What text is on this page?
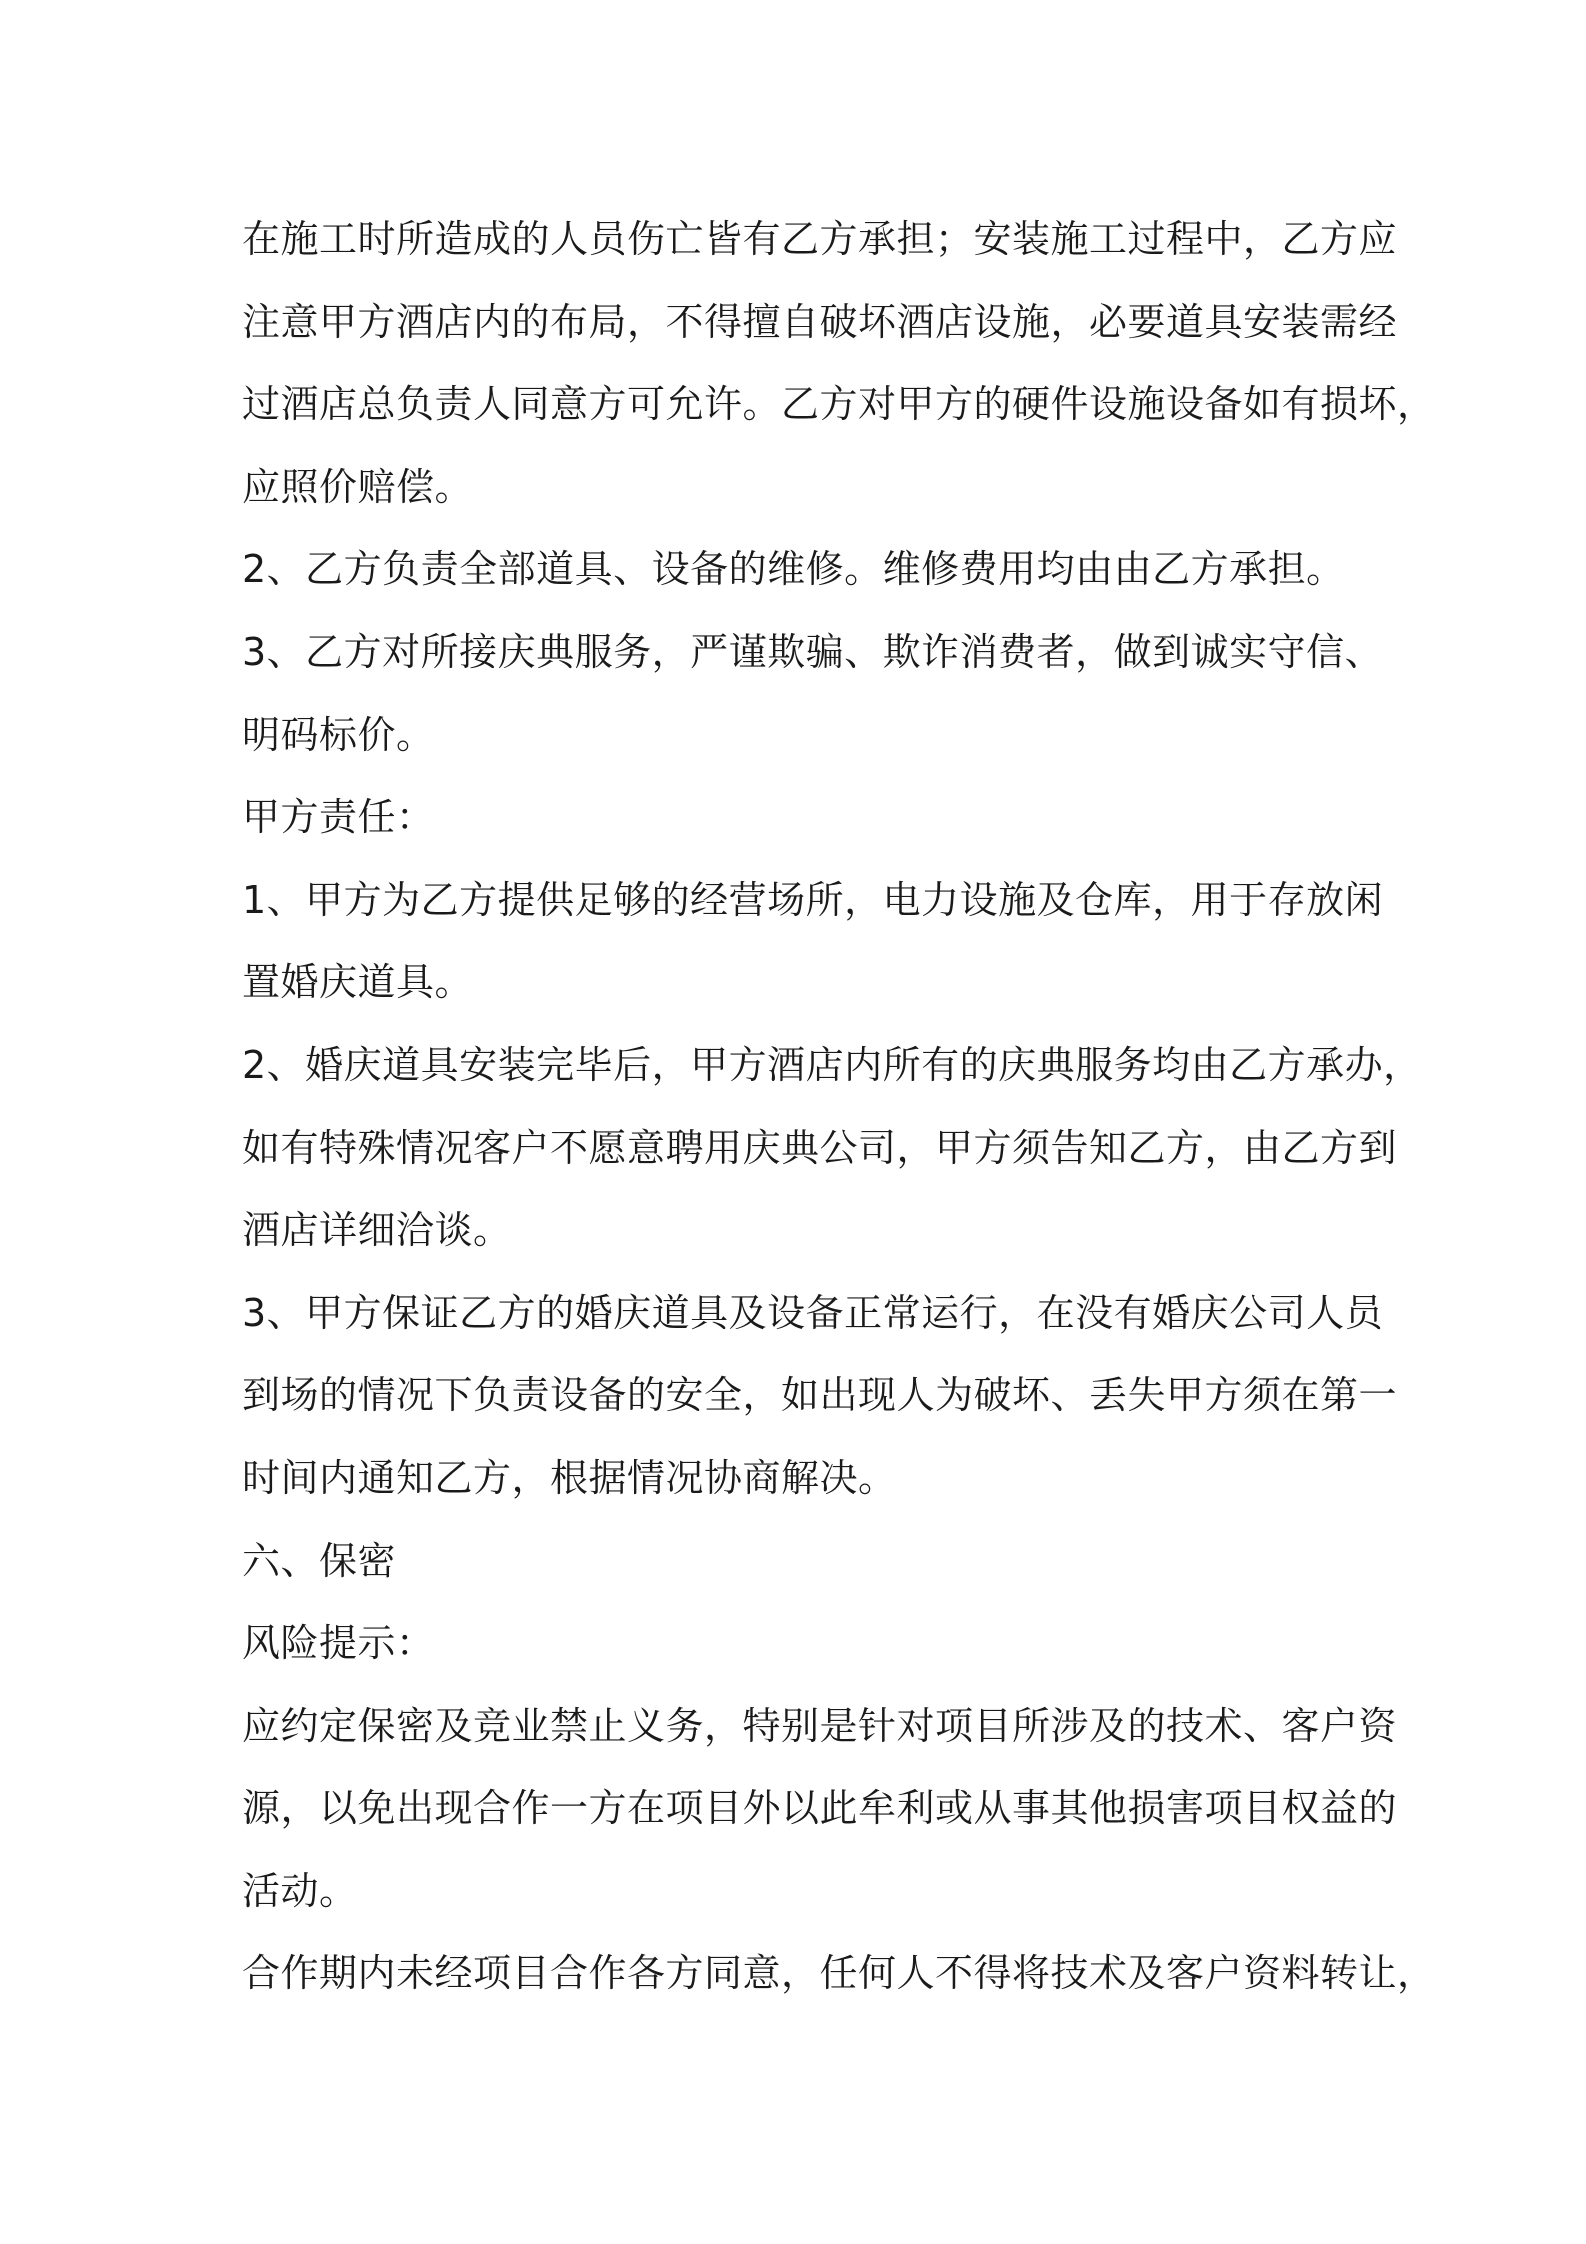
在施工时所造成的人员伤亡皆有乙方承担；安装施工过程中，乙方应
注意甲方酒店内的布局，不得擅自破坏酒店设施，必要道具安装需经
过酒店总负责人同意方可允许。乙方对甲方的硬件设施设备如有损坏，
应照价赔偿。
2、乙方负责全部道具、设备的维修。维修费用均由由乙方承担。
3、乙方对所接庆典服务，严谨欺骗、欺诈消费者，做到诚实守信、
明码标价。
甲方责任：
1、甲方为乙方提供足够的经营场所，电力设施及仓库，用于存放闲
置婚庆道具。
2、婚庆道具安装完毕后，甲方酒店内所有的庆典服务均由乙方承办，
如有特殊情况客户不愿意聘用庆典公司，甲方须告知乙方，由乙方到
酒店详细洽谈。
3、甲方保证乙方的婚庆道具及设备正常运行，在没有婚庆公司人员
到场的情况下负责设备的安全，如出现人为破坏、丢失甲方须在第一
时间内通知乙方，根据情况协商解决。
六、保密
风险提示：
应约定保密及竞业禁止义务，特别是针对项目所涉及的技术、客户资
源，以免出现合作一方在项目外以此牟利或从事其他损害项目权益的
活动。
合作期内未经项目合作各方同意，任何人不得将技术及客户资料转让，
